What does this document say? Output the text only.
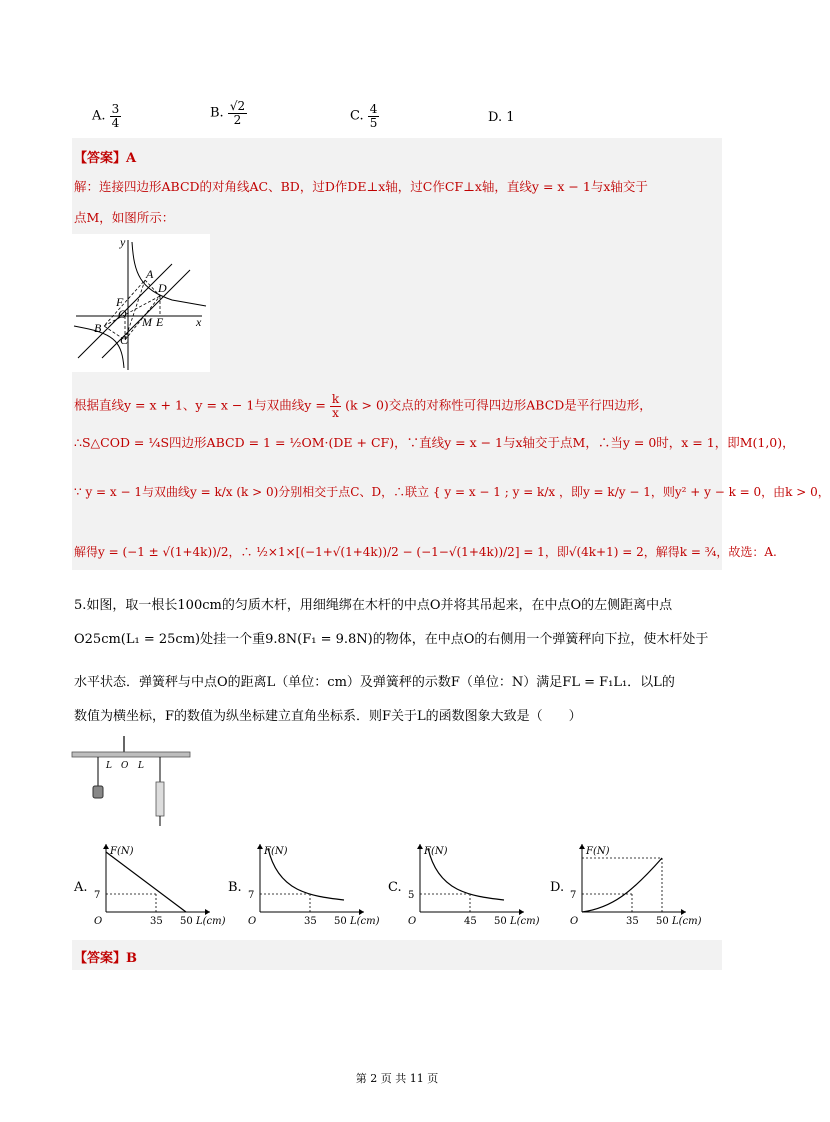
A. $\frac{3}{4}$	B. $\frac{√2}{2}$	C. $\frac{4}{5}$	D. 1
【答案】A
解：连接四边形ABCD的对角线AC、BD，过D作DE⊥x轴，过C作CF⊥x轴，直线y = x − 1与x轴交于
点M，如图所示：
y
x
A
B
C
D
E
F
O
M
根据直线y = x + 1、y = x − 1与双曲线$y = \frac{k}{x} (k > 0)$交点的对称性可得四边形ABCD是平行四边形，
∴S△COD = ¼S四边形ABCD = 1 = ½OM·(DE + CF)，∵直线y = x − 1与x轴交于点M，∴当y = 0时，x = 1，即M(1,0)，
∵ y = x − 1与双曲线y = k/x (k > 0)分别相交于点C、D，∴联立 { y = x − 1 ; y = k/x ，即y = k/y − 1，则y² + y − k = 0，由k > 0，
解得y = (−1 ± √(1+4k))/2，∴ ½×1×[(−1+√(1+4k))/2 − (−1−√(1+4k))/2] = 1，即√(4k+1) = 2，解得k = ¾，故选：A.
5.如图，取一根长100cm的匀质木杆，用细绳绑在木杆的中点O并将其吊起来，在中点O的左侧距离中点
O25cm(L₁ = 25cm)处挂一个重9.8N(F₁ = 9.8N)的物体，在中点O的右侧用一个弹簧秤向下拉，使木杆处于
水平状态．弹簧秤与中点O的距离L（单位：cm）及弹簧秤的示数F（单位：N）满足FL = F₁L₁．以L的
数值为横坐标，F的数值为纵坐标建立直角坐标系．则F关于L的函数图象大致是（　　）
L O L
A.	B.	C.	D.
F(N)
O
7
35 50 L(cm)
F(N)
O
7
35 50 L(cm)
F(N)
O
5
45 50 L(cm)
F(N)
O
7
35 50 L(cm)
【答案】B
第 2 页 共 11 页
